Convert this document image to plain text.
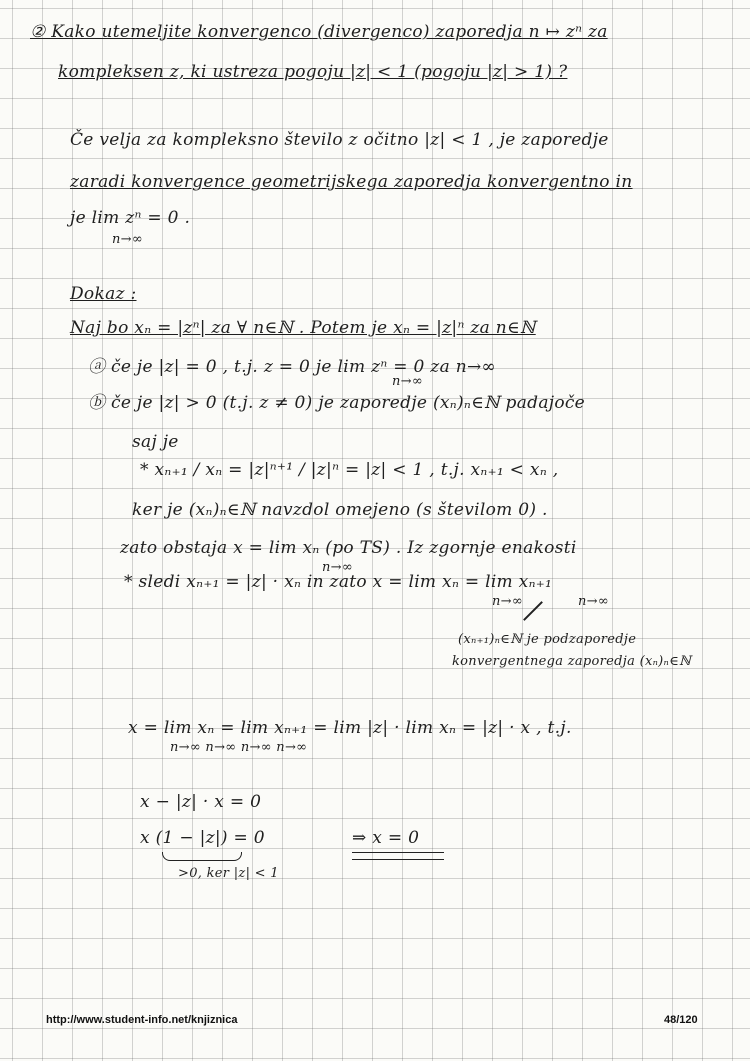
② Kako utemeljite konvergenco (divergenco) zaporedja n ↦ zⁿ za
kompleksen z, ki ustreza pogoju |z| < 1 (pogoju |z| > 1) ?
Če velja za kompleksno število z očitno |z| < 1 , je zaporedje
zaradi konvergence geometrijskega zaporedja konvergentno in
je lim zⁿ = 0 .
n→∞
Dokaz :
Naj bo xₙ = |zⁿ| za ∀ n∈ℕ . Potem je xₙ = |z|ⁿ za n∈ℕ
ⓐ če je |z| = 0 , t.j. z = 0 je lim zⁿ = 0 za n→∞
n→∞
ⓑ če je |z| > 0 (t.j. z ≠ 0) je zaporedje (xₙ)ₙ∈ℕ padajoče
saj je
* xₙ₊₁ / xₙ = |z|ⁿ⁺¹ / |z|ⁿ = |z| < 1 , t.j. xₙ₊₁ < xₙ ,
ker je (xₙ)ₙ∈ℕ navzdol omejeno (s številom 0) .
zato obstaja x = lim xₙ (po TS) . Iz zgornje enakosti
n→∞
* sledi xₙ₊₁ = |z| · xₙ in zato x = lim xₙ = lim xₙ₊₁
n→∞	n→∞
(xₙ₊₁)ₙ∈ℕ je podzaporedje
konvergentnega zaporedja (xₙ)ₙ∈ℕ
x = lim xₙ = lim xₙ₊₁ = lim |z| · lim xₙ = |z| · x , t.j.
n→∞ n→∞ n→∞ n→∞
x − |z| · x = 0
x (1 − |z|) = 0	⇒ x = 0
>0, ker |z| < 1
http://www.student-info.net/knjiznica	48/120
